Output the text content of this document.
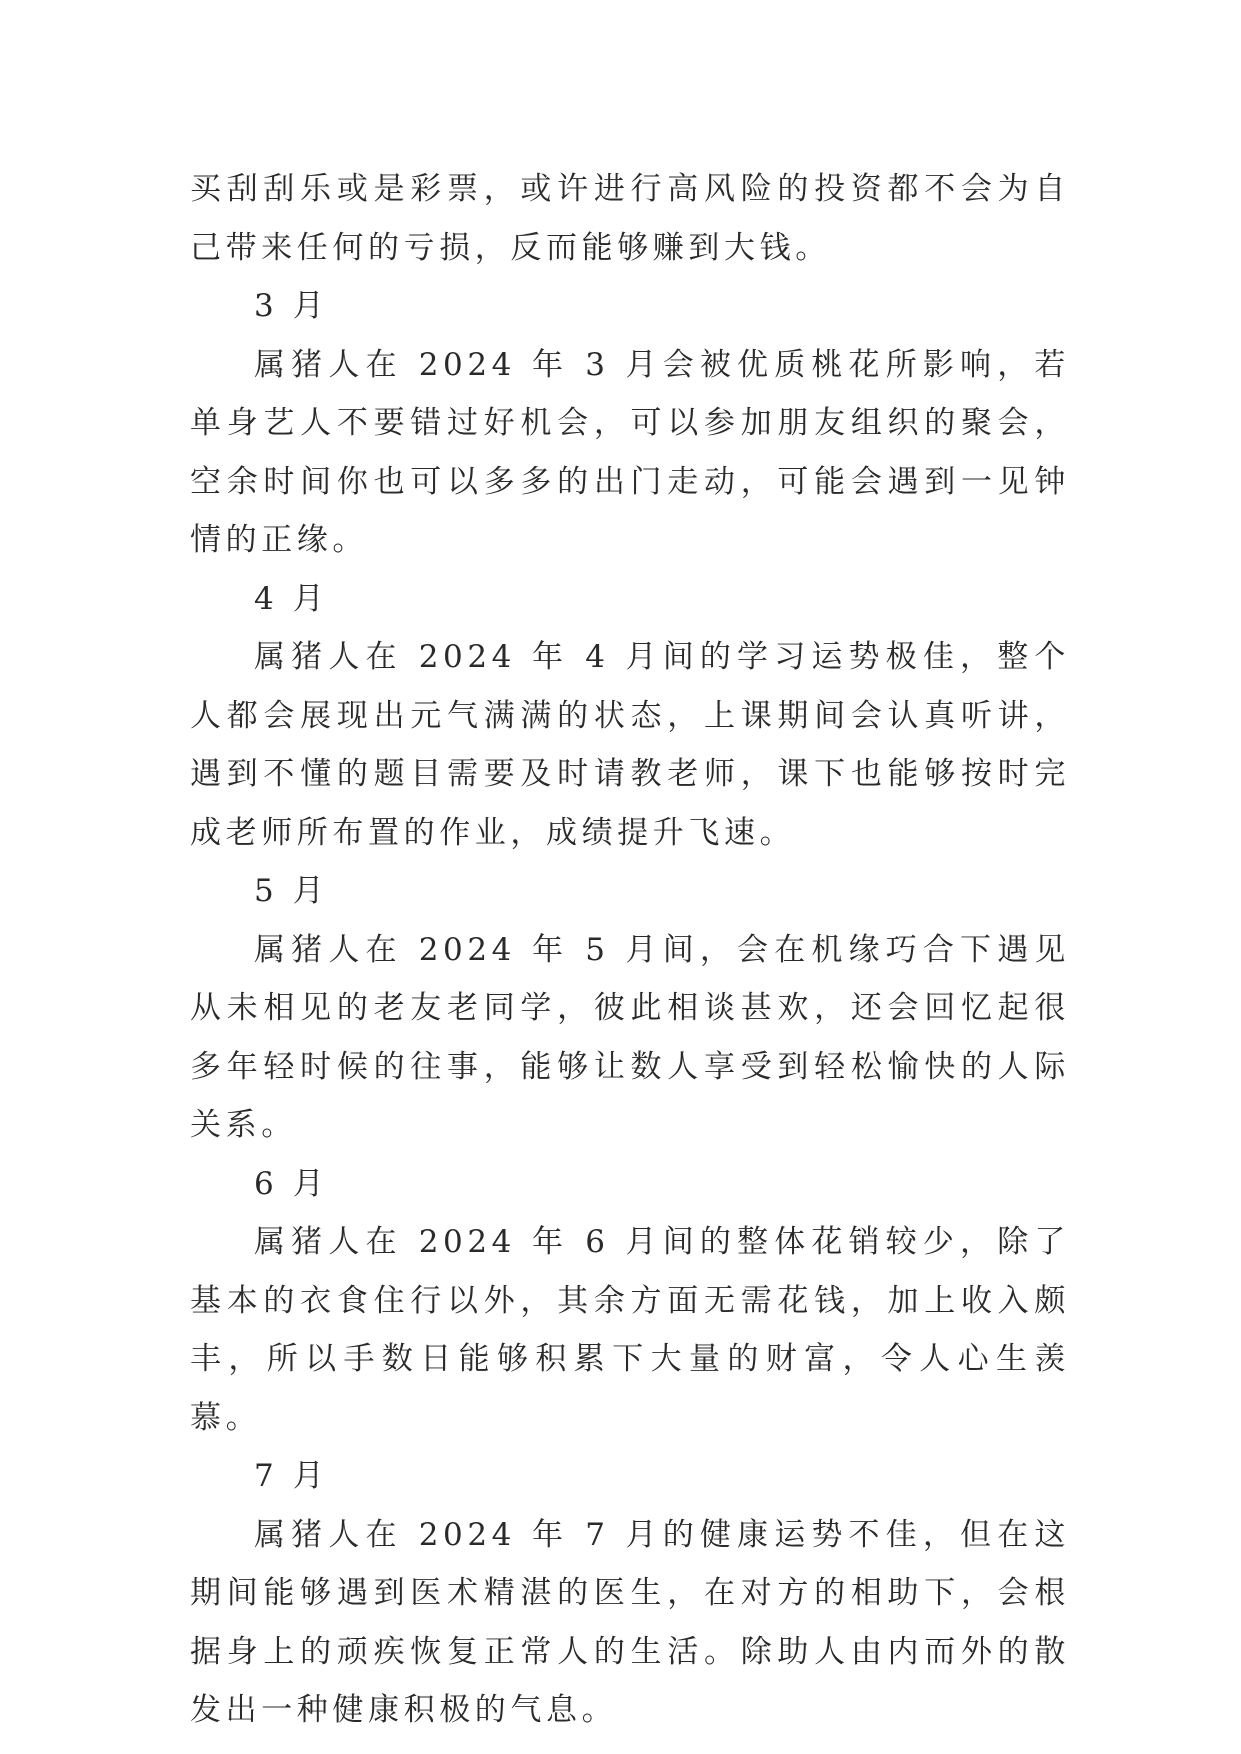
买刮刮乐或是彩票，或许进行高风险的投资都不会为自己带来任何的亏损，反而能够赚到大钱。

3 月

属猪人在 2024 年 3 月会被优质桃花所影响，若单身艺人不要错过好机会，可以参加朋友组织的聚会，空余时间你也可以多多的出门走动，可能会遇到一见钟情的正缘。

4 月

属猪人在 2024 年 4 月间的学习运势极佳，整个人都会展现出元气满满的状态，上课期间会认真听讲，遇到不懂的题目需要及时请教老师，课下也能够按时完成老师所布置的作业，成绩提升飞速。

5 月

属猪人在 2024 年 5 月间，会在机缘巧合下遇见从未相见的老友老同学，彼此相谈甚欢，还会回忆起很多年轻时候的往事，能够让数人享受到轻松愉快的人际关系。

6 月

属猪人在 2024 年 6 月间的整体花销较少，除了基本的衣食住行以外，其余方面无需花钱，加上收入颇丰，所以手数日能够积累下大量的财富，令人心生羡慕。

7 月

属猪人在 2024 年 7 月的健康运势不佳，但在这期间能够遇到医术精湛的医生，在对方的相助下，会根据身上的顽疾恢复正常人的生活。除助人由内而外的散发出一种健康积极的气息。
